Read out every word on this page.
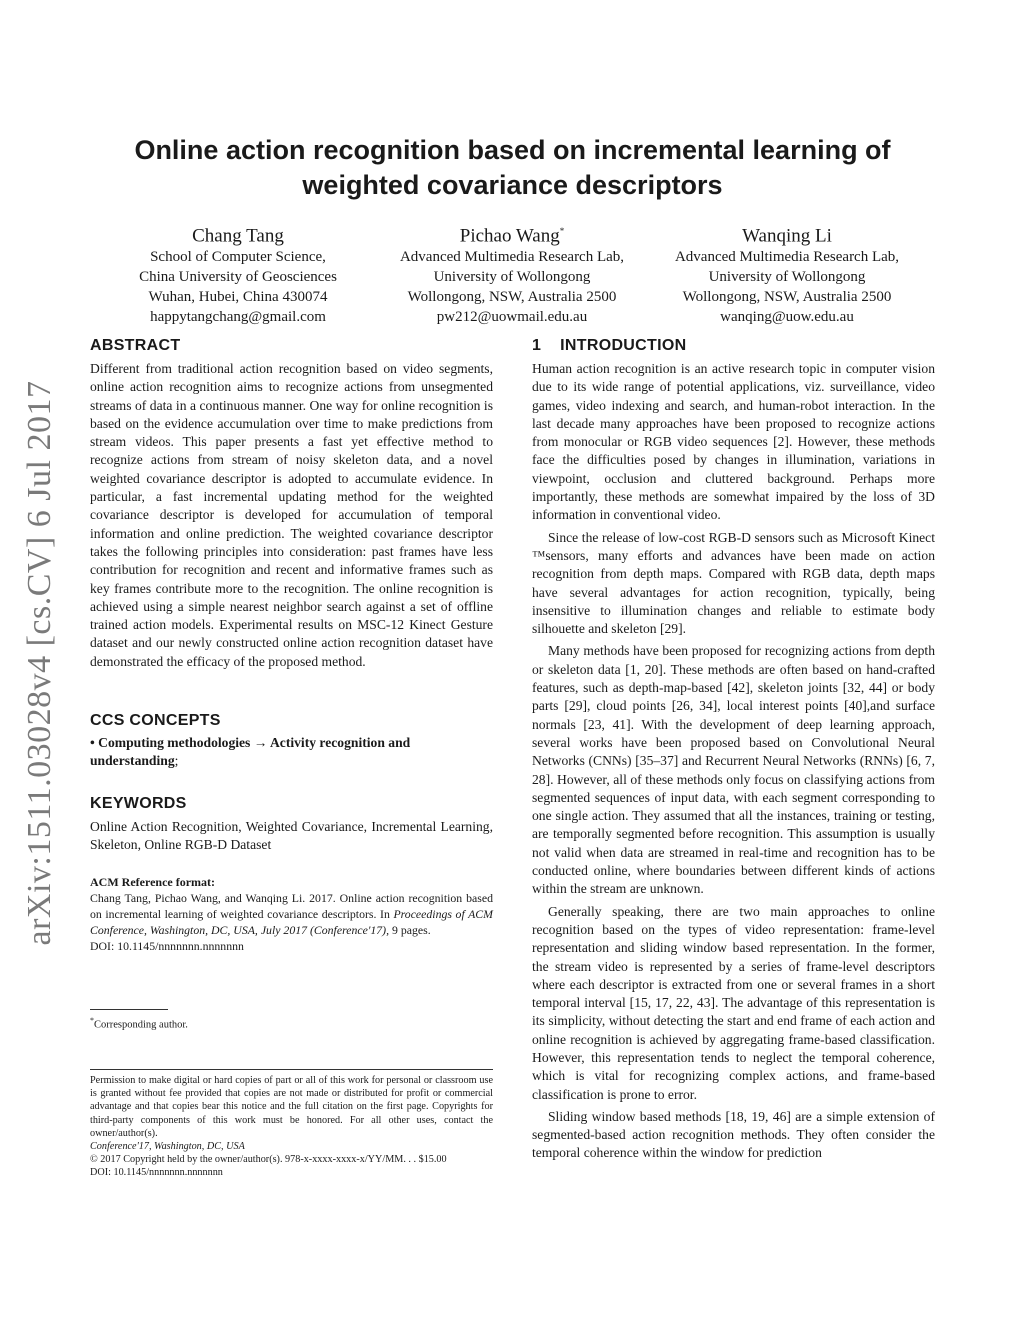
arXiv:1511.03028v4 [cs.CV] 6 Jul 2017
Online action recognition based on incremental learning of weighted covariance descriptors
Chang Tang
School of Computer Science,
China University of Geosciences
Wuhan, Hubei, China 430074
happytangchang@gmail.com
Pichao Wang*
Advanced Multimedia Research Lab,
University of Wollongong
Wollongong, NSW, Australia 2500
pw212@uowmail.edu.au
Wanqing Li
Advanced Multimedia Research Lab,
University of Wollongong
Wollongong, NSW, Australia 2500
wanqing@uow.edu.au
ABSTRACT

Different from traditional action recognition based on video segments, online action recognition aims to recognize actions from unsegmented streams of data in a continuous manner. One way for online recognition is based on the evidence accumulation over time to make predictions from stream videos. This paper presents a fast yet effective method to recognize actions from stream of noisy skeleton data, and a novel weighted covariance descriptor is adopted to accumulate evidence. In particular, a fast incremental updating method for the weighted covariance descriptor is developed for accumulation of temporal information and online prediction. The weighted covariance descriptor takes the following principles into consideration: past frames have less contribution for recognition and recent and informative frames such as key frames contribute more to the recognition. The online recognition is achieved using a simple nearest neighbor search against a set of offline trained action models. Experimental results on MSC-12 Kinect Gesture dataset and our newly constructed online action recognition dataset have demonstrated the efficacy of the proposed method.

CCS CONCEPTS

• Computing methodologies → Activity recognition and understanding;

KEYWORDS

Online Action Recognition, Weighted Covariance, Incremental Learning, Skeleton, Online RGB-D Dataset

ACM Reference format:

Chang Tang, Pichao Wang, and Wanqing Li. 2017. Online action recognition based on incremental learning of weighted covariance descriptors. In Proceedings of ACM Conference, Washington, DC, USA, July 2017 (Conference'17), 9 pages.

DOI: 10.1145/nnnnnnn.nnnnnnn

*Corresponding author.

Permission to make digital or hard copies of part or all of this work for personal or classroom use is granted without fee provided that copies are not made or distributed for profit or commercial advantage and that copies bear this notice and the full citation on the first page. Copyrights for third-party components of this work must be honored. For all other uses, contact the owner/author(s).

Conference'17, Washington, DC, USA

© 2017 Copyright held by the owner/author(s). 978-x-xxxx-xxxx-x/YY/MM. . . $15.00

DOI: 10.1145/nnnnnnn.nnnnnnn

1    INTRODUCTION

Human action recognition is an active research topic in computer vision due to its wide range of potential applications, viz. surveillance, video games, video indexing and search, and human-robot interaction. In the last decade many approaches have been proposed to recognize actions from monocular or RGB video sequences [2]. However, these methods face the difficulties posed by changes in illumination, variations in viewpoint, occlusion and cluttered background. Perhaps more importantly, these methods are somewhat impaired by the loss of 3D information in conventional video.

Since the release of low-cost RGB-D sensors such as Microsoft Kinect ™sensors, many efforts and advances have been made on action recognition from depth maps. Compared with RGB data, depth maps have several advantages for action recognition, typically, being insensitive to illumination changes and reliable to estimate body silhouette and skeleton [29].

Many methods have been proposed for recognizing actions from depth or skeleton data [1, 20]. These methods are often based on hand-crafted features, such as depth-map-based [42], skeleton joints [32, 44] or body parts [29], cloud points [26, 34], local interest points [40],and surface normals [23, 41]. With the development of deep learning approach, several works have been proposed based on Convolutional Neural Networks (CNNs) [35–37] and Recurrent Neural Networks (RNNs) [6, 7, 28]. However, all of these methods only focus on classifying actions from segmented sequences of input data, with each segment corresponding to one single action. They assumed that all the instances, training or testing, are temporally segmented before recognition. This assumption is usually not valid when data are streamed in real-time and recognition has to be conducted online, where boundaries between different kinds of actions within the stream are unknown.

Generally speaking, there are two main approaches to online recognition based on the types of video representation: frame-level representation and sliding window based representation. In the former, the stream video is represented by a series of frame-level descriptors where each descriptor is extracted from one or several frames in a short temporal interval [15, 17, 22, 43]. The advantage of this representation is its simplicity, without detecting the start and end frame of each action and online recognition is achieved by aggregating frame-based classification. However, this representation tends to neglect the temporal coherence, which is vital for recognizing complex actions, and frame-based classification is prone to error.

Sliding window based methods [18, 19, 46] are a simple extension of segmented-based action recognition methods. They often consider the temporal coherence within the window for prediction
